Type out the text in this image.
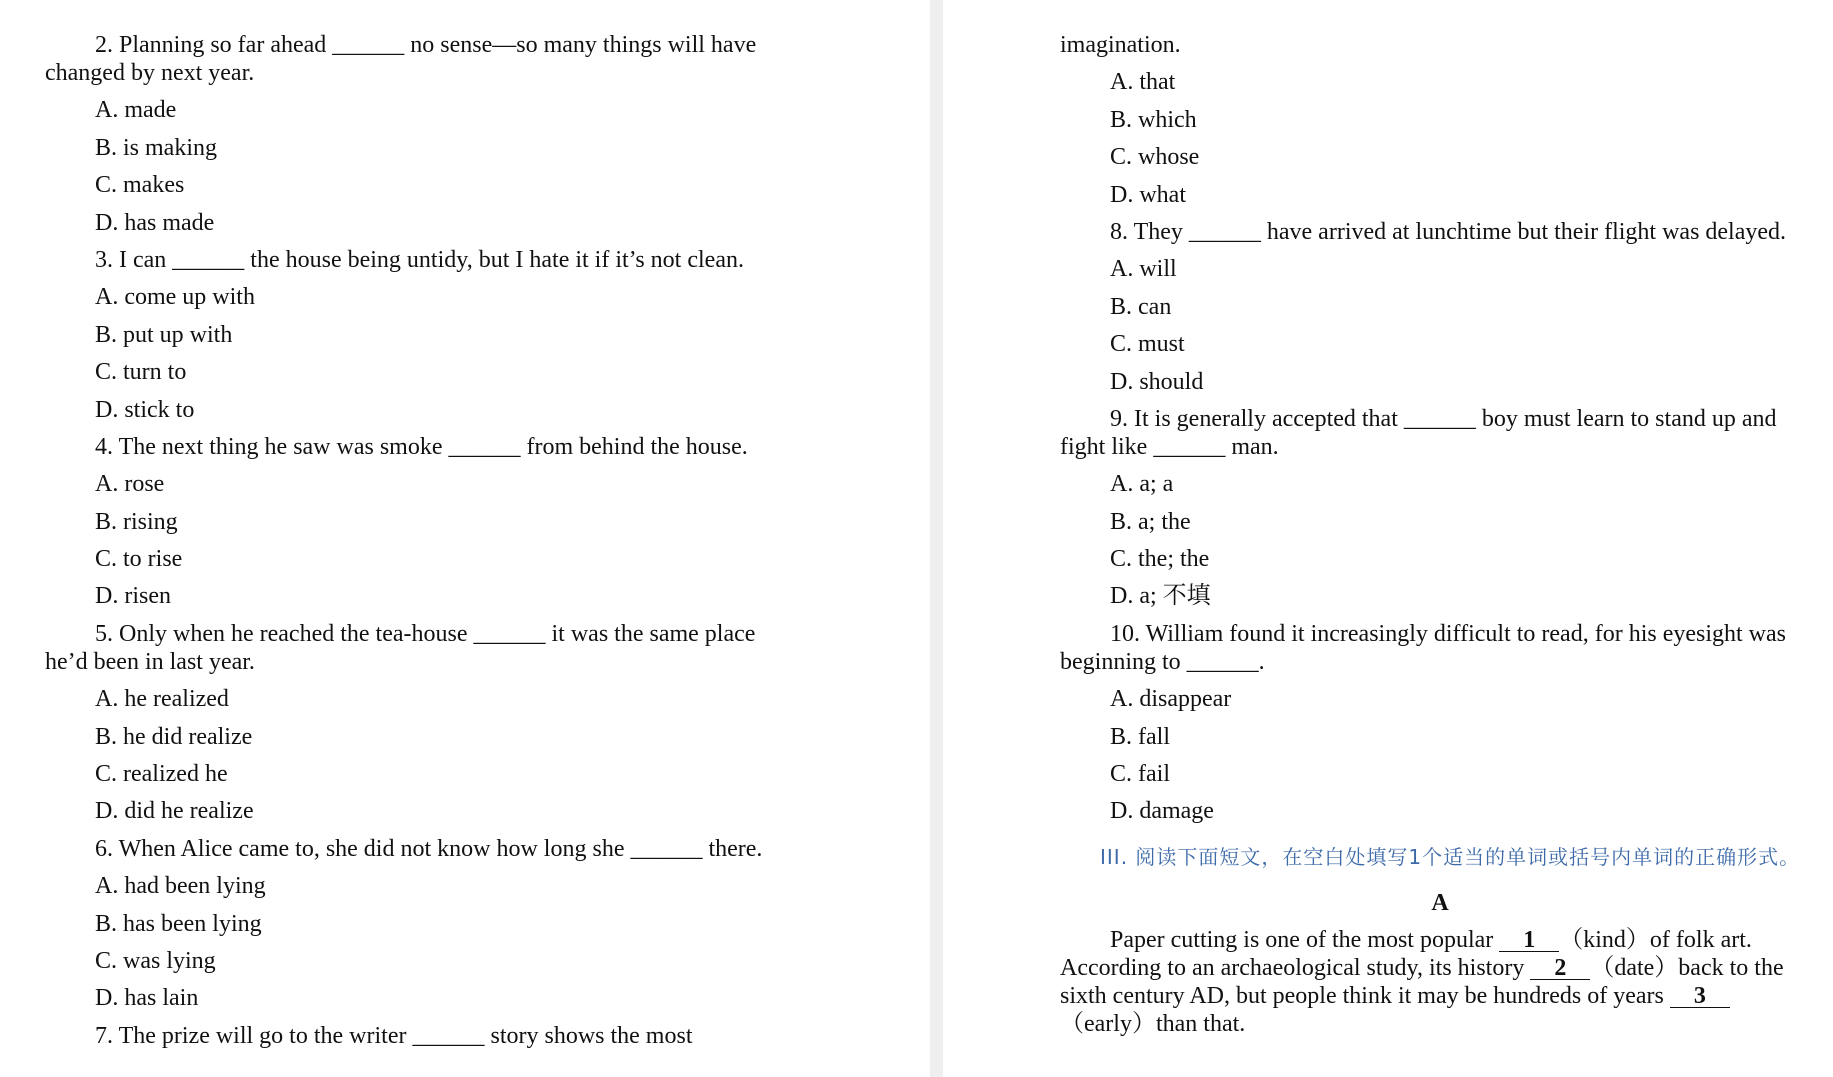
2. Planning so far ahead ______ no sense—so many things will have
changed by next year.
A. made
B. is making
C. makes
D. has made
3. I can ______ the house being untidy, but I hate it if it’s not clean.
A. come up with
B. put up with
C. turn to
D. stick to
4. The next thing he saw was smoke ______ from behind the house.
A. rose
B. rising
C. to rise
D. risen
5. Only when he reached the tea-house ______ it was the same place
he’d been in last year.
A. he realized
B. he did realize
C. realized he
D. did he realize
6. When Alice came to, she did not know how long she ______ there.
A. had been lying
B. has been lying
C. was lying
D. has lain
7. The prize will go to the writer ______ story shows the most
imagination.
A. that
B. which
C. whose
D. what
8. They ______ have arrived at lunchtime but their flight was delayed.
A. will
B. can
C. must
D. should
9. It is generally accepted that ______ boy must learn to stand up and
fight like ______ man.
A. a; a
B. a; the
C. the; the
D. a; 不填
10. William found it increasingly difficult to read, for his eyesight was
beginning to ______.
A. disappear
B. fall
C. fail
D. damage
III. 阅读下面短文，在空白处填写1个适当的单词或括号内单词的正确形式。
A
Paper cutting is one of the most popular 1 （kind）of folk art.
According to an archaeological study, its history 2 （date）back to the
sixth century AD, but people think it may be hundreds of years 3
（early）than that.
